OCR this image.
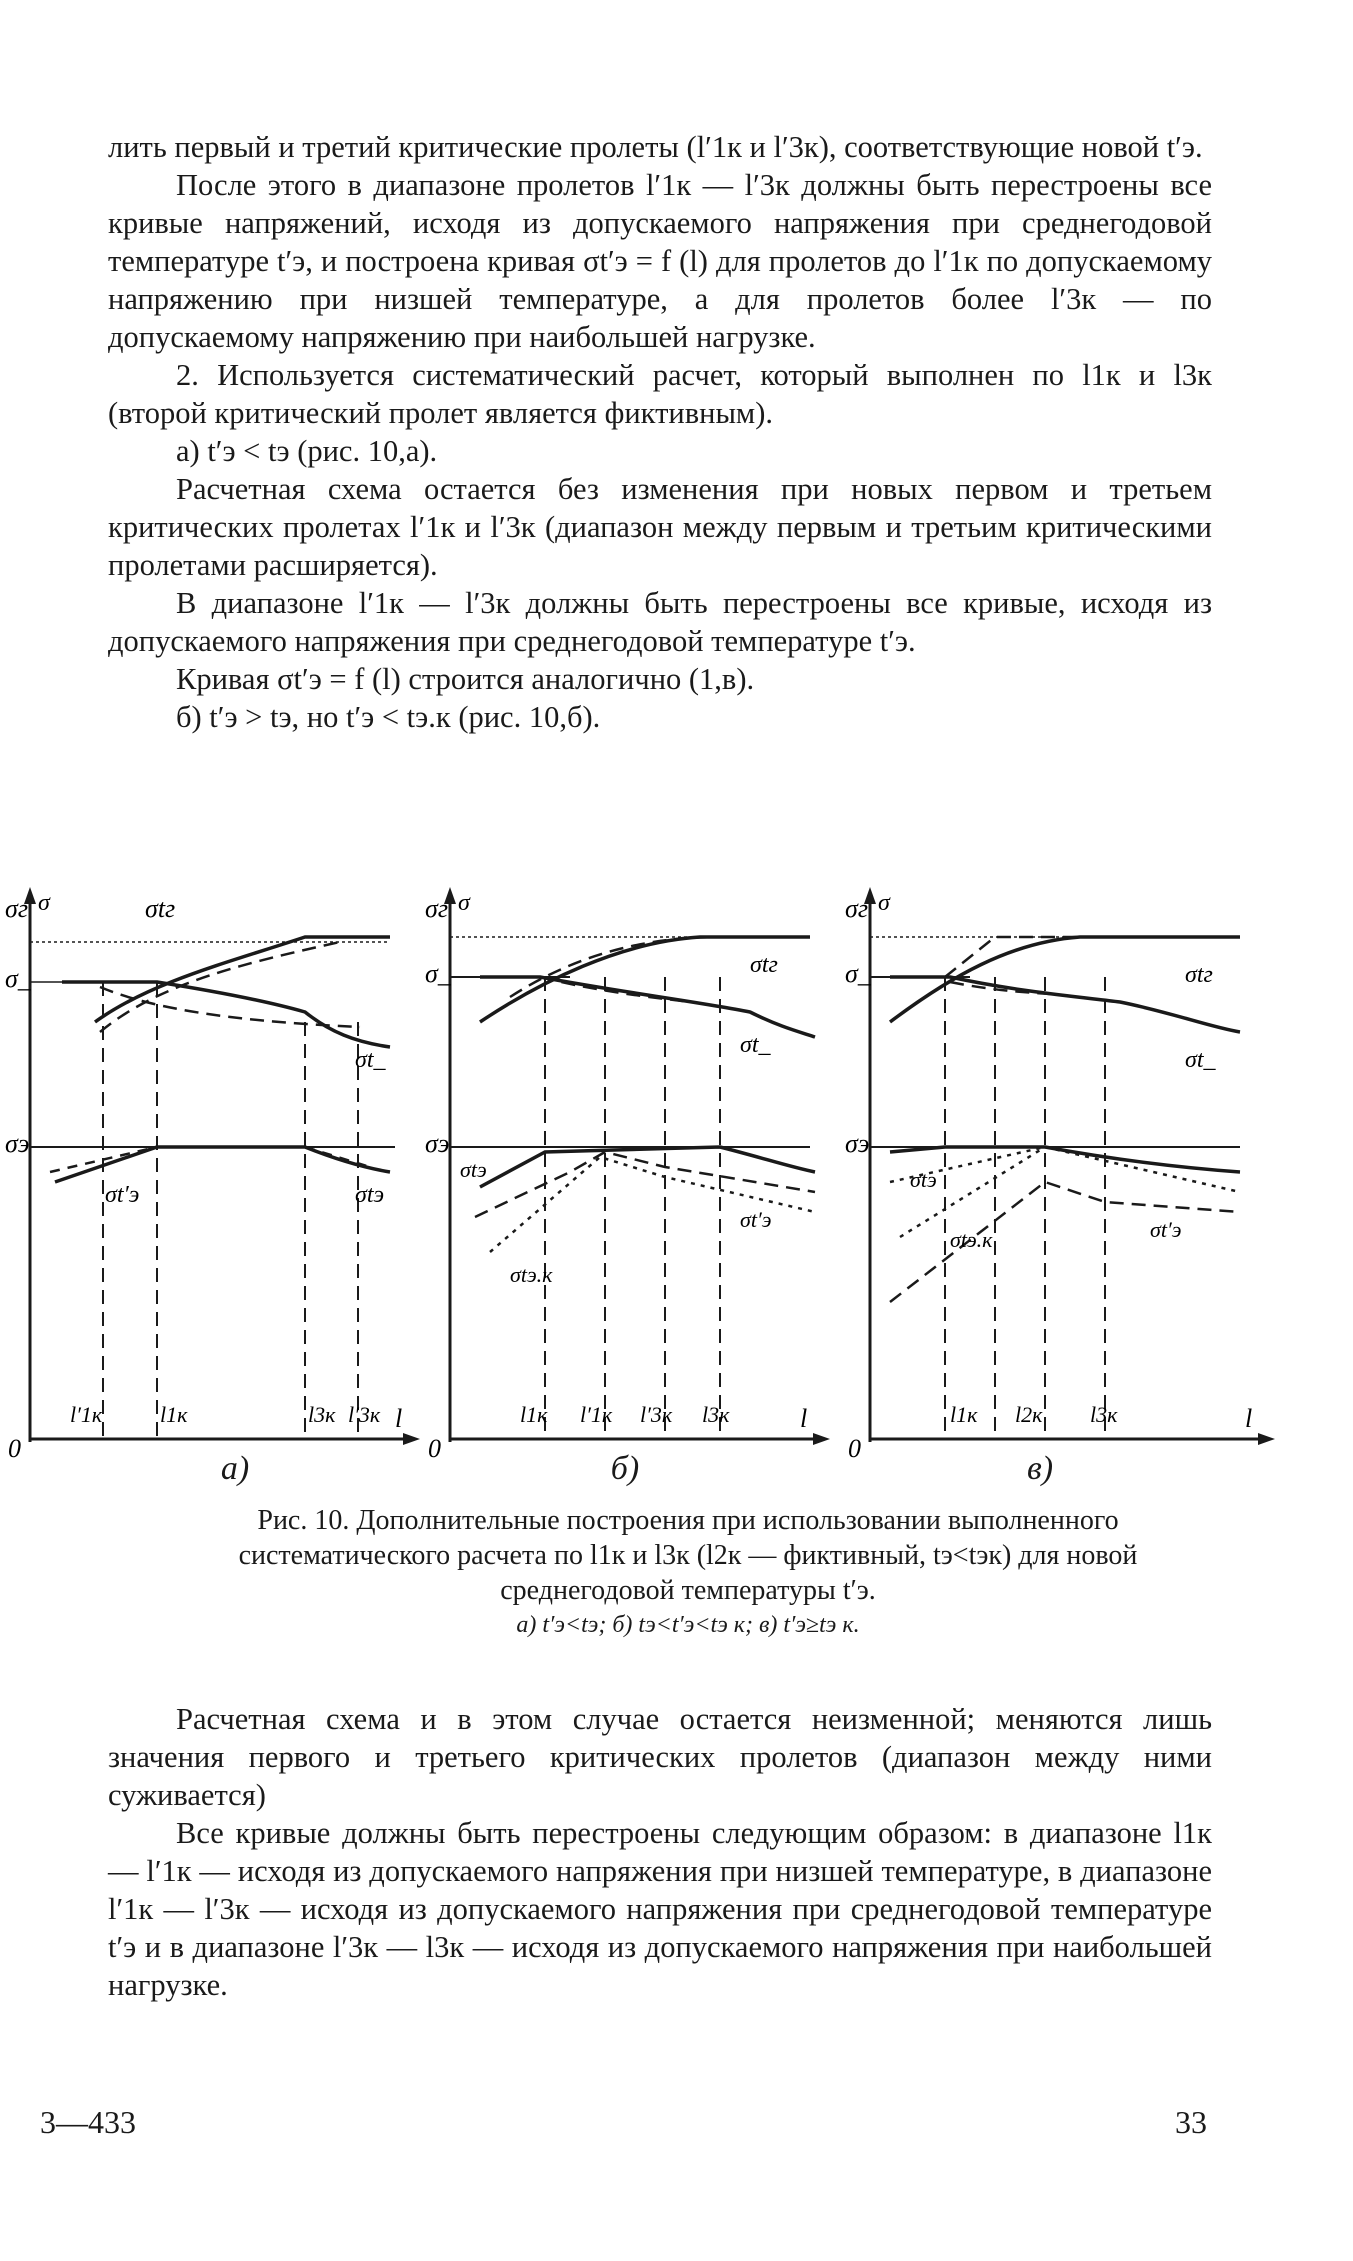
лить первый и третий критические пролеты (l′1к и l′3к), соответствующие новой t′э.

После этого в диапазоне пролетов l′1к — l′3к должны быть перестроены все кривые напряжений, исходя из допускаемого напряжения при среднегодовой температуре t′э, и построена кривая σt′э = f (l) для пролетов до l′1к по допускаемому напряжению при низшей температуре, а для пролетов более l′3к — по допускаемому напряжению при наибольшей нагрузке.

2. Используется систематический расчет, который выполнен по l1к и l3к (второй критический пролет является фиктивным).

а) t′э < tэ (рис. 10,а).

Расчетная схема остается без изменения при новых первом и третьем критических пролетах l′1к и l′3к (диапазон между первым и третьим критическими пролетами расширяется).

В диапазоне l′1к — l′3к должны быть перестроены все кривые, исходя из допускаемого напряжения при среднегодовой температуре t′э.

Кривая σt′э = f (l) строится аналогично (1,в).

б) t′э > tэ, но t′э < tэ.к (рис. 10,б).

σг σ
σ_
σэ
0
l
σtг
σt_
σt′э	σtэ
l′1к	l1к	l3к l′3к
σг σ
σ_
σэ
0
l
σtг
σt_
σtэ
σt′э
σtэ.к
l1к l′1к l′3к l3к
σг σ
σ_
σэ
0
l
σtг
σt_
σtэ
σtэ.к	σt′э
l1к l2к l3к
а)	б)	в)
Рис. 10. Дополнительные построения при использовании выполненного систематического расчета по l1к и l3к (l2к — фиктивный, tэ<tэк) для новой среднегодовой температуры t′э.
а) t′э<tэ; б) tэ<t′э<tэ к; в) t′э≥tэ к.

Расчетная схема и в этом случае остается неизменной; меняются лишь значения первого и третьего критических пролетов (диапазон между ними суживается)

Все кривые должны быть перестроены следующим образом: в диапазоне l1к — l′1к — исходя из допускаемого напряжения при низшей температуре, в диапазоне l′1к — l′3к — исходя из допускаемого напряжения при среднегодовой температуре t′э и в диапазоне l′3к — l3к — исходя из допускаемого напряжения при наибольшей нагрузке.

3—433	33
